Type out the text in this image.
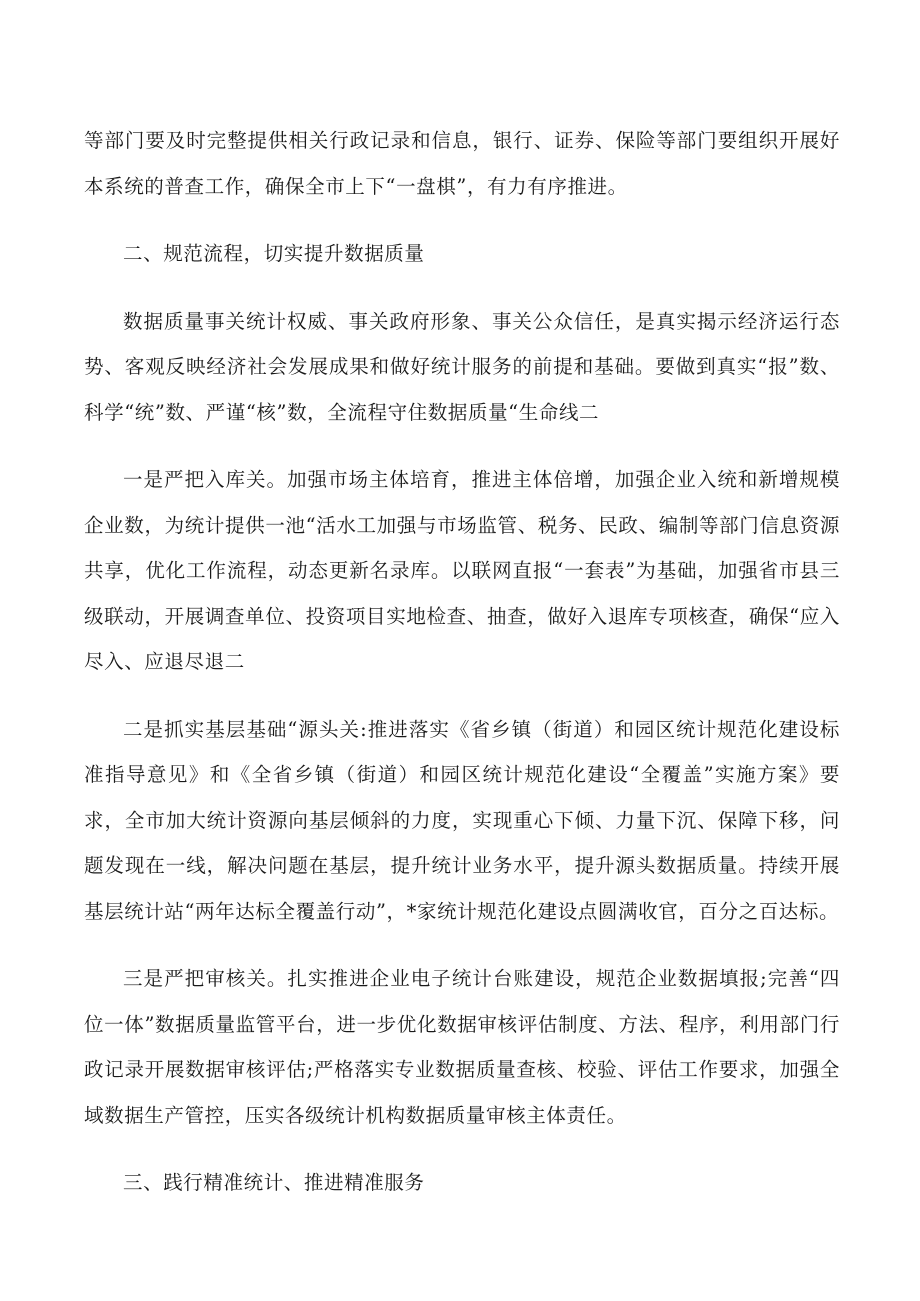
等部门要及时完整提供相关行政记录和信息，银行、证券、保险等部门要组织开展好本系统的普查工作，确保全市上下“一盘棋”，有力有序推进。

二、规范流程，切实提升数据质量

数据质量事关统计权威、事关政府形象、事关公众信任，是真实揭示经济运行态势、客观反映经济社会发展成果和做好统计服务的前提和基础。要做到真实“报”数、科学“统”数、严谨“核”数，全流程守住数据质量“生命线二

一是严把入库关。加强市场主体培育，推进主体倍增，加强企业入统和新增规模企业数，为统计提供一池“活水工加强与市场监管、税务、民政、编制等部门信息资源共享，优化工作流程，动态更新名录库。以联网直报“一套表”为基础，加强省市县三级联动，开展调查单位、投资项目实地检查、抽查，做好入退库专项核查，确保“应入尽入、应退尽退二

二是抓实基层基础“源头关:推进落实《省乡镇（街道）和园区统计规范化建设标准指导意见》和《全省乡镇（街道）和园区统计规范化建设“全覆盖”实施方案》要求，全市加大统计资源向基层倾斜的力度，实现重心下倾、力量下沉、保障下移，问题发现在一线，解决问题在基层，提升统计业务水平，提升源头数据质量。持续开展基层统计站“两年达标全覆盖行动”，*家统计规范化建设点圆满收官，百分之百达标。

三是严把审核关。扎实推进企业电子统计台账建设，规范企业数据填报;完善“四位一体”数据质量监管平台，进一步优化数据审核评估制度、方法、程序，利用部门行政记录开展数据审核评估;严格落实专业数据质量查核、校验、评估工作要求，加强全域数据生产管控，压实各级统计机构数据质量审核主体责任。

三、践行精准统计、推进精准服务
